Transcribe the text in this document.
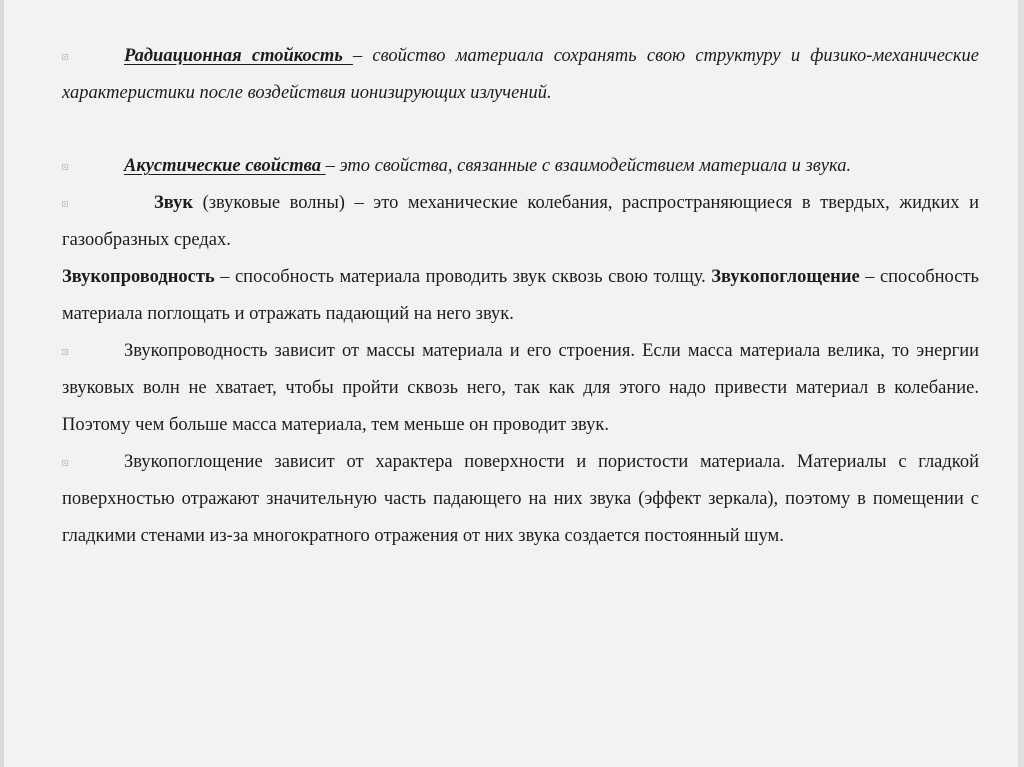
Радиационная стойкость – свойство материала сохранять свою структуру и физико-механические характеристики после воздействия ионизирующих излучений.

Акустические свойства – это свойства, связанные с взаимодействием материала и звука.

Звук (звуковые волны) – это механические колебания, распространяющиеся в твердых, жидких и газообразных средах.

Звукопроводность – способность материала проводить звук сквозь свою толщу. Звукопоглощение – способность материала поглощать и отражать падающий на него звук.

Звукопроводность зависит от массы материала и его строения. Если масса материала велика, то энергии звуковых волн не хватает, чтобы пройти сквозь него, так как для этого надо привести материал в колебание. Поэтому чем больше масса материала, тем меньше он проводит звук.

Звукопоглощение зависит от характера поверхности и пористости материала. Материалы с гладкой поверхностью отражают значительную часть падающего на них звука (эффект зеркала), поэтому в помещении с гладкими стенами из-за многократного отражения от них звука создается постоянный шум.
